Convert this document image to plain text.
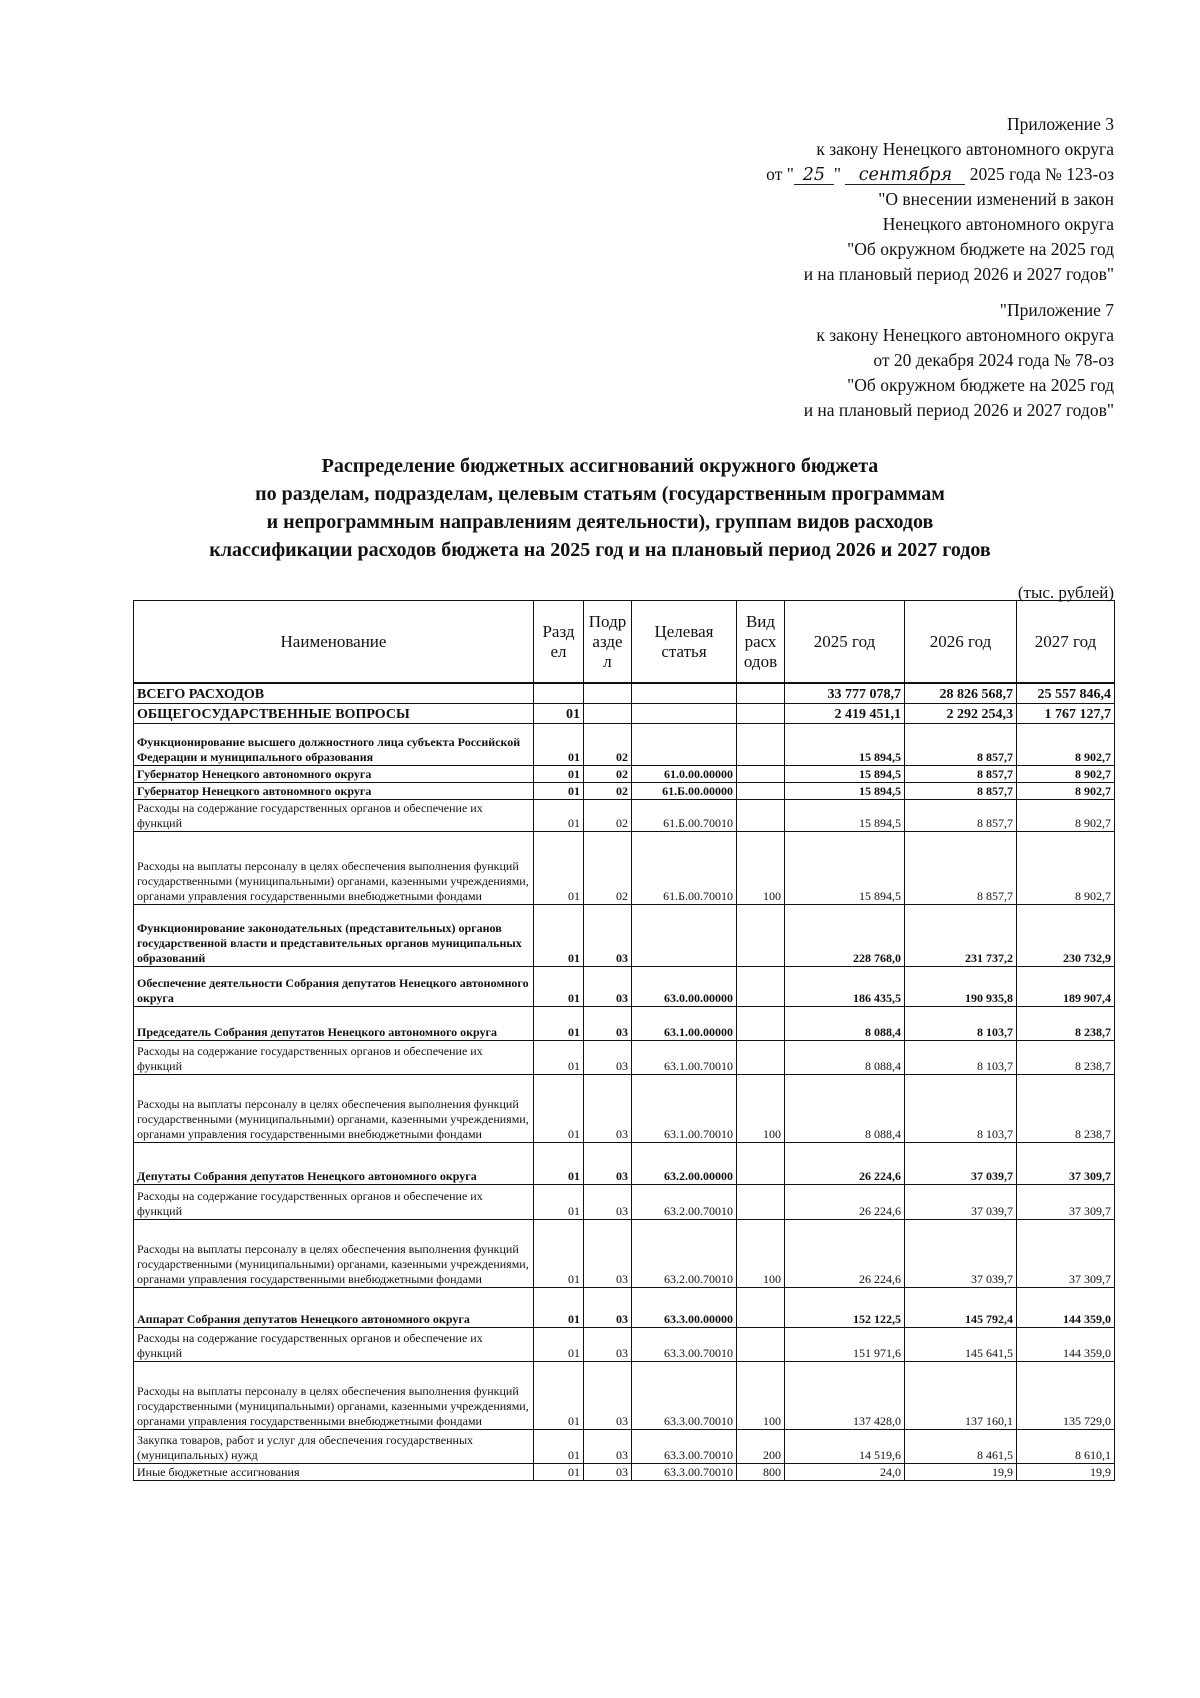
Приложение 3
к закону Ненецкого автономного округа
от " 25 " сентября 2025 года № 123-оз
"О внесении изменений в закон
Ненецкого автономного округа
"Об окружном бюджете на 2025 год
и на плановый период 2026 и 2027 годов"
"Приложение 7
к закону Ненецкого автономного округа
от 20 декабря 2024 года № 78-оз
"Об окружном бюджете на 2025 год
и на плановый период 2026 и 2027 годов"
Распределение бюджетных ассигнований окружного бюджета
по разделам, подразделам, целевым статьям (государственным программам
и непрограммным направлениям деятельности), группам видов расходов
классификации расходов бюджета на 2025 год и на плановый период 2026 и 2027 годов
(тыс. рублей)
Наименование	Разд ел	Подр азде л	Целевая статья	Вид расх одов	2025 год	2026 год	2027 год
ВСЕГО РАСХОДОВ					33 777 078,7	28 826 568,7	25 557 846,4
ОБЩЕГОСУДАРСТВЕННЫЕ ВОПРОСЫ	01				2 419 451,1	2 292 254,3	1 767 127,7
Функционирование высшего должностного лица субъекта Российской Федерации и муниципального образования	01	02			15 894,5	8 857,7	8 902,7
Губернатор Ненецкого автономного округа	01	02	61.0.00.00000		15 894,5	8 857,7	8 902,7
Губернатор Ненецкого автономного округа	01	02	61.Б.00.00000		15 894,5	8 857,7	8 902,7
Расходы на содержание государственных органов и обеспечение их функций	01	02	61.Б.00.70010		15 894,5	8 857,7	8 902,7
Расходы на выплаты персоналу в целях обеспечения выполнения функций государственными (муниципальными) органами, казенными учреждениями, органами управления государственными внебюджетными фондами	01	02	61.Б.00.70010	100	15 894,5	8 857,7	8 902,7
Функционирование законодательных (представительных) органов государственной власти и представительных органов муниципальных образований	01	03			228 768,0	231 737,2	230 732,9
Обеспечение деятельности Собрания депутатов Ненецкого автономного округа	01	03	63.0.00.00000		186 435,5	190 935,8	189 907,4
Председатель Собрания депутатов Ненецкого автономного округа	01	03	63.1.00.00000		8 088,4	8 103,7	8 238,7
Расходы на содержание государственных органов и обеспечение их функций	01	03	63.1.00.70010		8 088,4	8 103,7	8 238,7
Расходы на выплаты персоналу в целях обеспечения выполнения функций государственными (муниципальными) органами, казенными учреждениями, органами управления государственными внебюджетными фондами	01	03	63.1.00.70010	100	8 088,4	8 103,7	8 238,7
Депутаты Собрания депутатов Ненецкого автономного округа	01	03	63.2.00.00000		26 224,6	37 039,7	37 309,7
Расходы на содержание государственных органов и обеспечение их функций	01	03	63.2.00.70010		26 224,6	37 039,7	37 309,7
Расходы на выплаты персоналу в целях обеспечения выполнения функций государственными (муниципальными) органами, казенными учреждениями, органами управления государственными внебюджетными фондами	01	03	63.2.00.70010	100	26 224,6	37 039,7	37 309,7
Аппарат Собрания депутатов Ненецкого автономного округа	01	03	63.3.00.00000		152 122,5	145 792,4	144 359,0
Расходы на содержание государственных органов и обеспечение их функций	01	03	63.3.00.70010		151 971,6	145 641,5	144 359,0
Расходы на выплаты персоналу в целях обеспечения выполнения функций государственными (муниципальными) органами, казенными учреждениями, органами управления государственными внебюджетными фондами	01	03	63.3.00.70010	100	137 428,0	137 160,1	135 729,0
Закупка товаров, работ и услуг для обеспечения государственных (муниципальных) нужд	01	03	63.3.00.70010	200	14 519,6	8 461,5	8 610,1
Иные бюджетные ассигнования	01	03	63.3.00.70010	800	24,0	19,9	19,9
